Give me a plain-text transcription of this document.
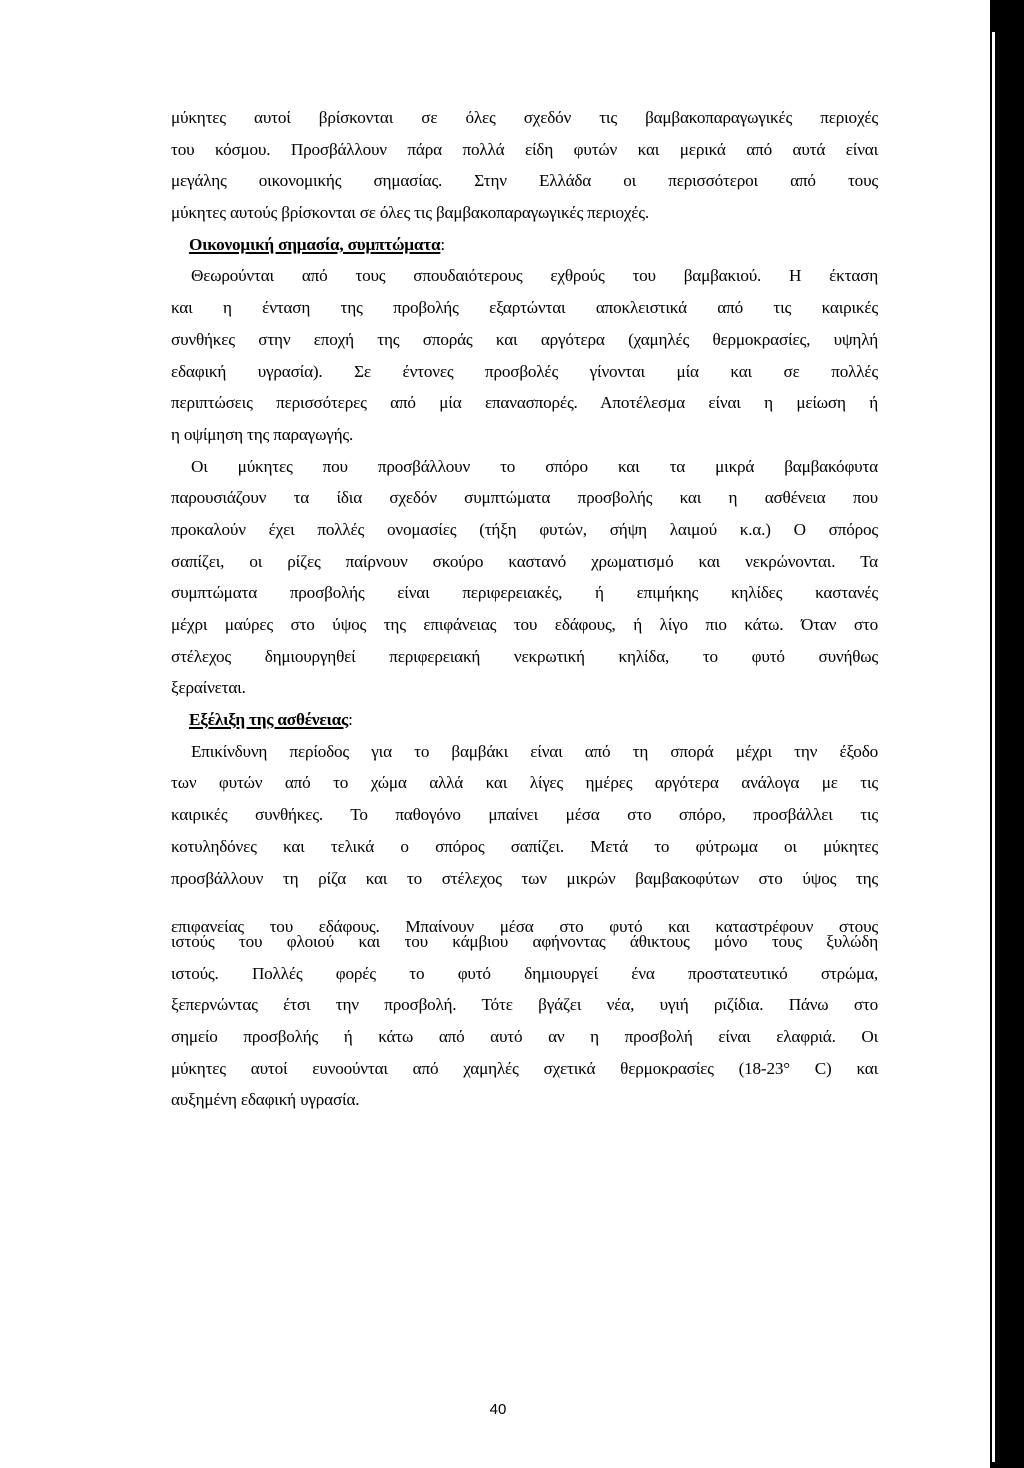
μύκητες αυτοί βρίσκονται σε όλες σχεδόν τις βαμβακοπαραγωγικές περιοχές
του κόσμου. Προσβάλλουν πάρα πολλά είδη φυτών και μερικά από αυτά είναι
μεγάλης οικονομικής σημασίας. Στην Ελλάδα οι περισσότεροι από τους
μύκητες αυτούς βρίσκονται σε όλες τις βαμβακοπαραγωγικές περιοχές.
Οικονομική σημασία, συμπτώματα:
Θεωρούνται από τους σπουδαιότερους εχθρούς του βαμβακιού. Η έκταση
και η ένταση της προβολής εξαρτώνται αποκλειστικά από τις καιρικές
συνθήκες στην εποχή της σποράς και αργότερα (χαμηλές θερμοκρασίες, υψηλή
εδαφική υγρασία). Σε έντονες προσβολές γίνονται μία και σε πολλές
περιπτώσεις περισσότερες από μία επανασπορές. Αποτέλεσμα είναι η μείωση ή
η οψίμηση της παραγωγής.
Οι μύκητες που προσβάλλουν το σπόρο και τα μικρά βαμβακόφυτα
παρουσιάζουν τα ίδια σχεδόν συμπτώματα προσβολής και η ασθένεια που
προκαλούν έχει πολλές ονομασίες (τήξη φυτών, σήψη λαιμού κ.α.) Ο σπόρος
σαπίζει, οι ρίζες παίρνουν σκούρο καστανό χρωματισμό και νεκρώνονται. Τα
συμπτώματα προσβολής είναι περιφερειακές, ή επιμήκης κηλίδες καστανές
μέχρι μαύρες στο ύψος της επιφάνειας του εδάφους, ή λίγο πιο κάτω. Όταν στο
στέλεχος δημιουργηθεί περιφερειακή νεκρωτική κηλίδα, το φυτό συνήθως
ξεραίνεται.
Εξέλιξη της ασθένειας:
Επικίνδυνη περίοδος για το βαμβάκι είναι από τη σπορά μέχρι την έξοδο
των φυτών από το χώμα αλλά και λίγες ημέρες αργότερα ανάλογα με τις
καιρικές συνθήκες. Το παθογόνο μπαίνει μέσα στο σπόρο, προσβάλλει τις
κοτυληδόνες και τελικά ο σπόρος σαπίζει. Μετά το φύτρωμα οι μύκητες
προσβάλλουν τη ρίζα και το στέλεχος των μικρών βαμβακοφύτων στο ύψος της
επιφανείας του εδάφους. Μπαίνουν μέσα στο φυτό και καταστρέφουν στους
ιστούς του φλοιού και του κάμβιου αφήνοντας άθικτους μόνο τους ξυλώδη
ιστούς. Πολλές φορές το φυτό δημιουργεί ένα προστατευτικό στρώμα,
ξεπερνώντας έτσι την προσβολή. Τότε βγάζει νέα, υγιή ριζίδια. Πάνω στο
σημείο προσβολής ή κάτω από αυτό αν η προσβολή είναι ελαφριά. Οι
μύκητες αυτοί ευνοούνται από χαμηλές σχετικά θερμοκρασίες (18-23° C) και
αυξημένη εδαφική υγρασία.
40
